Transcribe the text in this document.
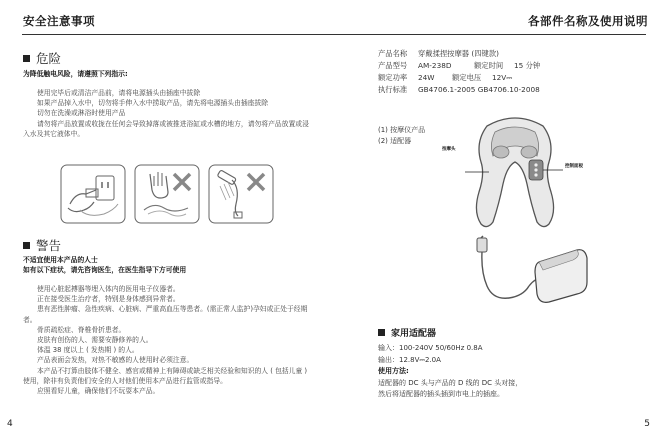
安全注意事项
危险
为降低触电风险，请遵照下列指示:

使用完毕后或清洁产品前，请将电源插头由插座中拔除

如果产品掉入水中，切勿将手伸入水中捞取产品，请先将电源插头由插座拔除

切勿在洗澡或淋浴时使用产品

请勿将产品放置或收拢在任何会导致掉落或被推进浴缸或水槽的地方，请勿将产品放置或浸入水及其它液体中。

警告
不适宜使用本产品的人士
如有以下症状，请先咨询医生，在医生指导下方可使用

使用心脏起搏器等埋入体内的医用电子仪器者。

正在接受医生治疗者，特别是身体感到异常者。

患有恶性肿瘤、急性疾病、心脏病、严重高血压等患者。(需正常人监护)孕妇或正处于经期者。

骨质疏松症、脊椎骨折患者。

皮肤有创伤的人、需要安静修养的人。

体温 38 度以上 ( 发热期 ) 的人。

产品表面会发热，对热不敏感的人使用时必须注意。

本产品不打算由肢体不健全、感官或精神上有障碍或缺乏相关经验和知识的人 ( 包括儿童 ) 使用，除非有负责他们安全的人对他们使用本产品进行监管或指导。

应照看好儿童，确保他们不玩耍本产品。

4
各部件名称及使用说明
产品名称	穿戴揉捏按摩器 (四键款)
产品型号	AM-238D	额定时间	15 分钟
额定功率	24W	额定电压	12V⎓
执行标准	GB4706.1-2005 GB4706.10-2008
(1) 按摩仪产品
(2) 适配器
按摩头
控制面板
家用适配器

输入：100-240V 50/60Hz 0.8A

输出：12.8V⎓2.0A

使用方法:

适配器的 DC 头与产品的 D 线的 DC 头对接，

然后将适配器的插头插到市电上的插座。

5
